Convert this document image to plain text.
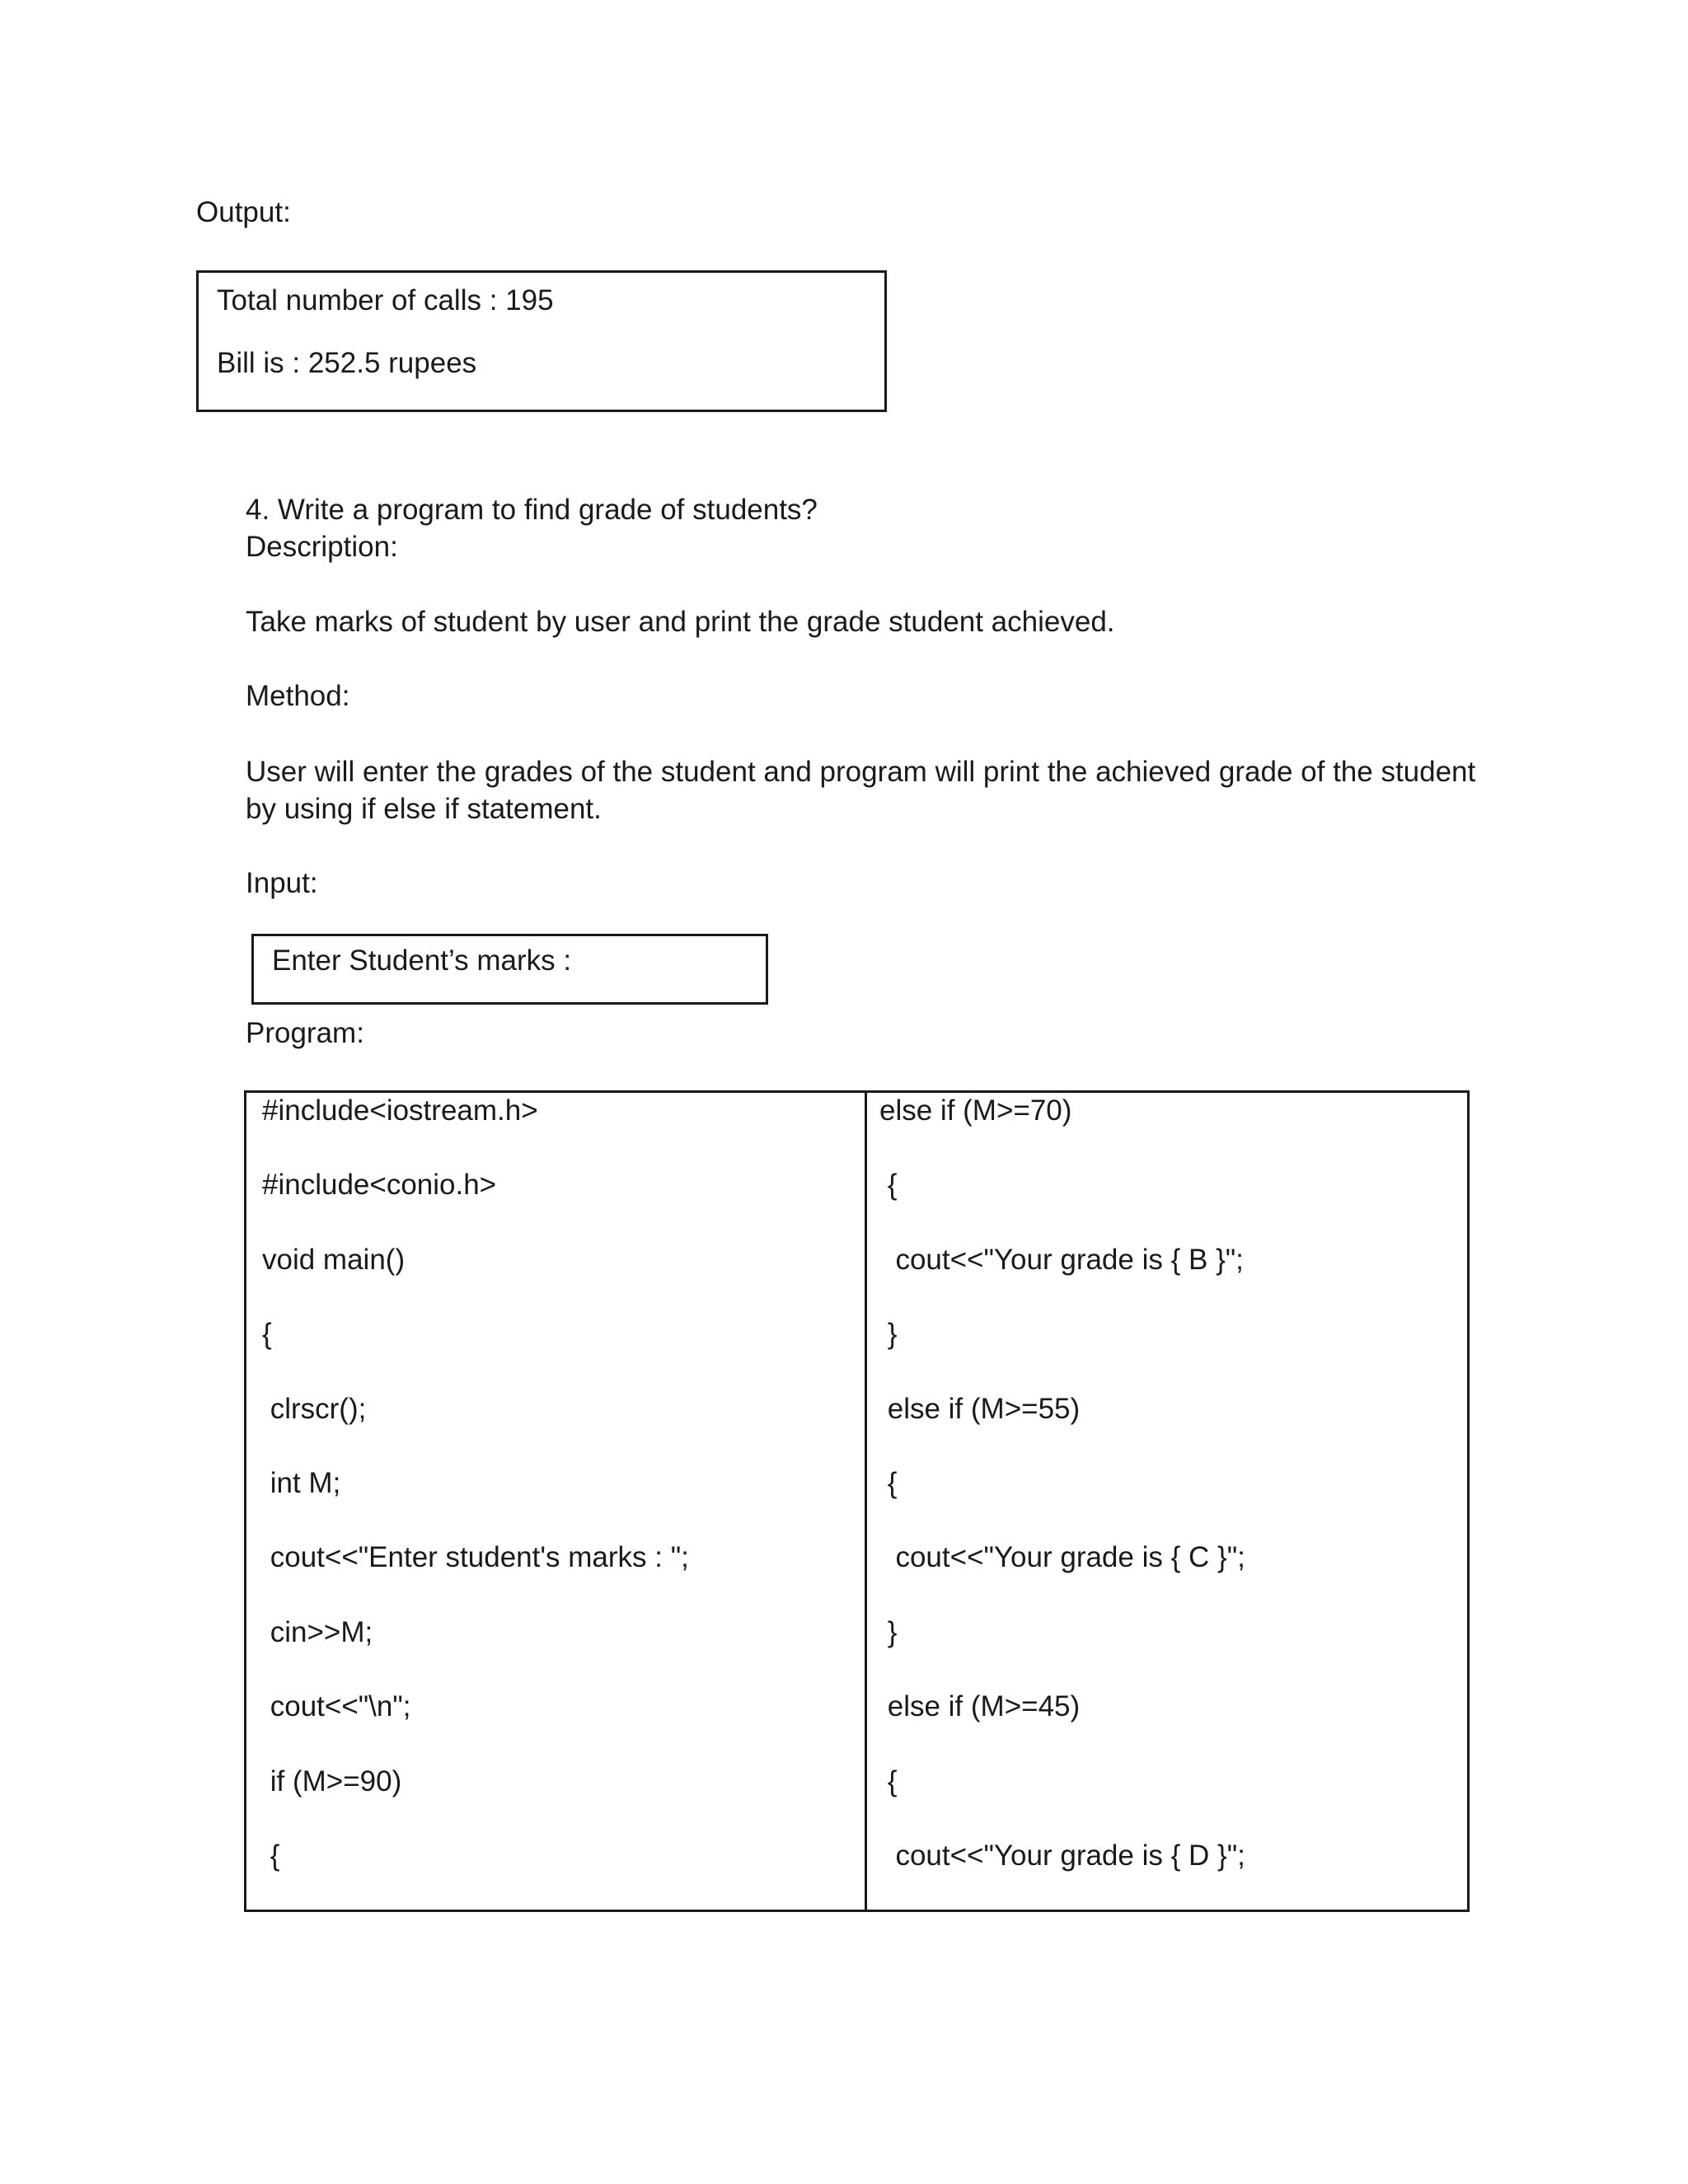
Output:
Total number of calls : 195
Bill is : 252.5 rupees
4. Write a program to find grade of students?
Description:
Take marks of student by user and print the grade student achieved.
Method:
User will enter the grades of the student and program will print the achieved grade of the student by using if else if statement.
Input:
Enter Student’s marks :
Program:
#include<iostream.h>
#include<conio.h>
void main()
{
clrscr();
int M;
cout<<"Enter student's marks : ";
cin>>M;
cout<<"\n";
if (M>=90)
{
else if (M>=70)
{
cout<<"Your grade is { B }";
}
else if (M>=55)
{
cout<<"Your grade is { C }";
}
else if (M>=45)
{
cout<<"Your grade is { D }";
